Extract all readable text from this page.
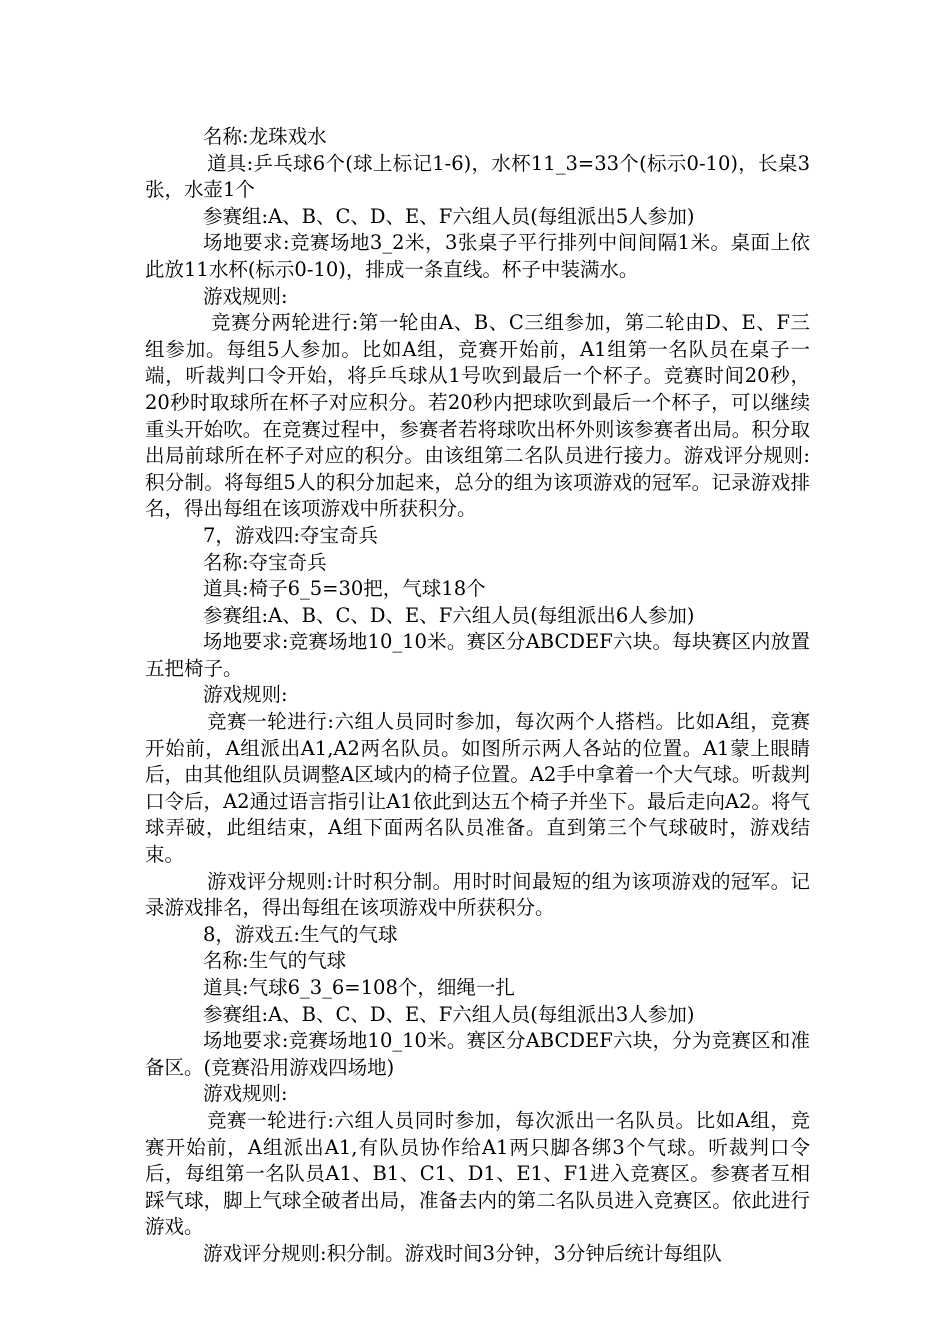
名称:龙珠戏水

道具:乒乓球6个(球上标记1-6)，水杯11_3=33个(标示0-10)，长桌3张，水壶1个

参赛组:A、B、C、D、E、F六组人员(每组派出5人参加)

场地要求:竞赛场地3_2米，3张桌子平行排列中间间隔1米。桌面上依此放11水杯(标示0-10)，排成一条直线。杯子中装满水。

游戏规则:

竞赛分两轮进行:第一轮由A、B、C三组参加，第二轮由D、E、F三组参加。每组5人参加。比如A组，竞赛开始前，A1组第一名队员在桌子一端，听裁判口令开始，将乒乓球从1号吹到最后一个杯子。竞赛时间20秒，20秒时取球所在杯子对应积分。若20秒内把球吹到最后一个杯子，可以继续重头开始吹。在竞赛过程中，参赛者若将球吹出杯外则该参赛者出局。积分取出局前球所在杯子对应的积分。由该组第二名队员进行接力。游戏评分规则:积分制。将每组5人的积分加起来，总分的组为该项游戏的冠军。记录游戏排名，得出每组在该项游戏中所获积分。

7，游戏四:夺宝奇兵

名称:夺宝奇兵

道具:椅子6_5=30把，气球18个

参赛组:A、B、C、D、E、F六组人员(每组派出6人参加)

场地要求:竞赛场地10_10米。赛区分ABCDEF六块。每块赛区内放置五把椅子。

游戏规则:

竞赛一轮进行:六组人员同时参加，每次两个人搭档。比如A组，竞赛开始前，A组派出A1,A2两名队员。如图所示两人各站的位置。A1蒙上眼睛后，由其他组队员调整A区域内的椅子位置。A2手中拿着一个大气球。听裁判口令后，A2通过语言指引让A1依此到达五个椅子并坐下。最后走向A2。将气球弄破，此组结束，A组下面两名队员准备。直到第三个气球破时，游戏结束。

游戏评分规则:计时积分制。用时时间最短的组为该项游戏的冠军。记录游戏排名，得出每组在该项游戏中所获积分。

8，游戏五:生气的气球

名称:生气的气球

道具:气球6_3_6=108个，细绳一扎

参赛组:A、B、C、D、E、F六组人员(每组派出3人参加)

场地要求:竞赛场地10_10米。赛区分ABCDEF六块，分为竞赛区和准备区。(竞赛沿用游戏四场地)

游戏规则:

竞赛一轮进行:六组人员同时参加，每次派出一名队员。比如A组，竞赛开始前，A组派出A1,有队员协作给A1两只脚各绑3个气球。听裁判口令后，每组第一名队员A1、B1、C1、D1、E1、F1进入竞赛区。参赛者互相踩气球，脚上气球全破者出局，准备去内的第二名队员进入竞赛区。依此进行游戏。

游戏评分规则:积分制。游戏时间3分钟，3分钟后统计每组队
